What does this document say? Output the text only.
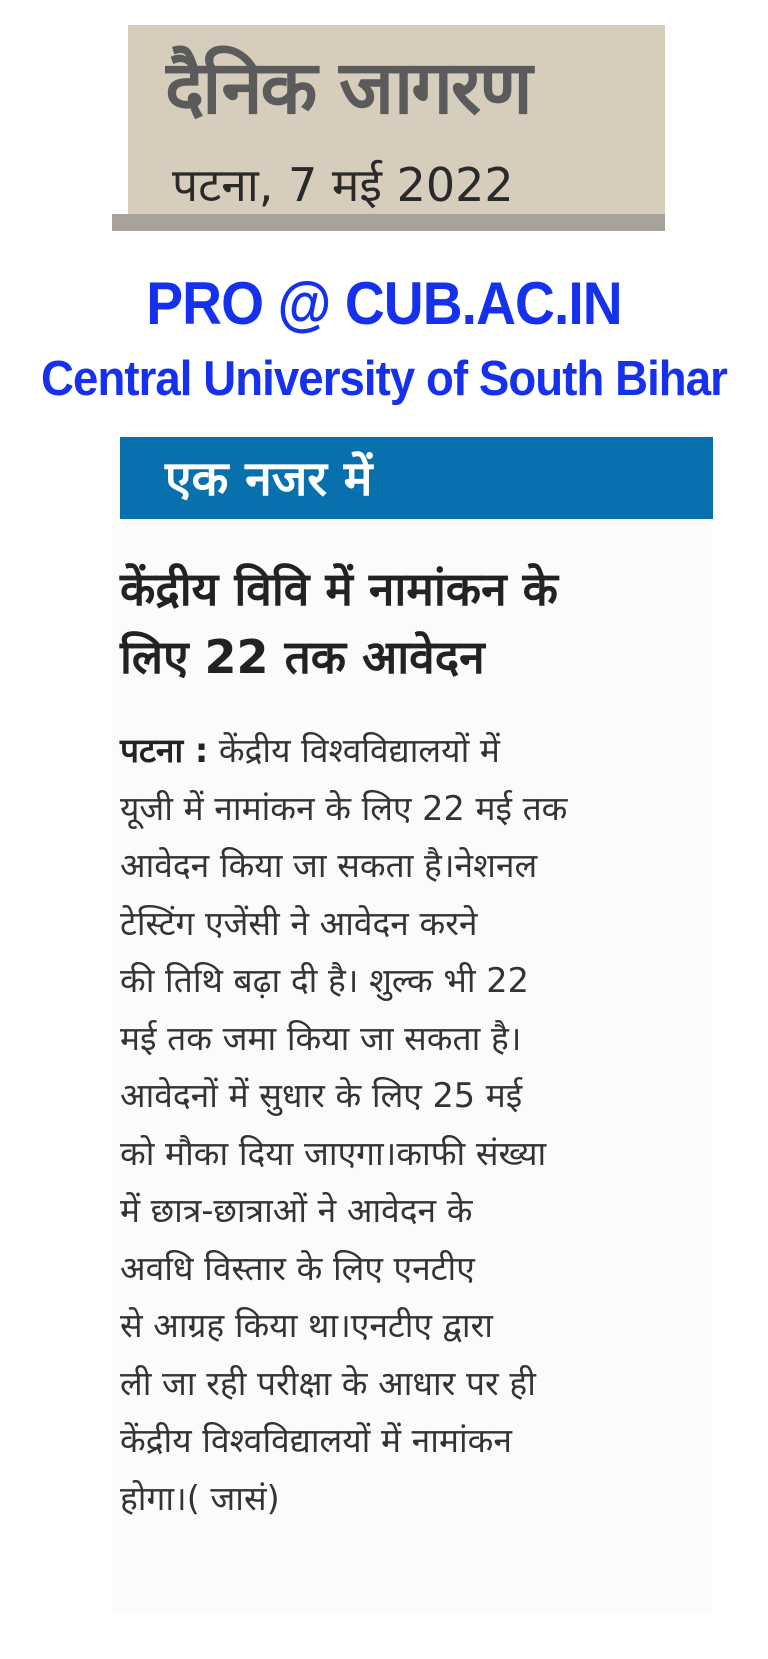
दैनिक जागरण
पटना, 7 मई 2022
PRO @ CUB.AC.IN
Central University of South Bihar
एक नजर में
केंद्रीय विवि में नामांकन के
लिए 22 तक आवेदन
पटना : केंद्रीय विश्वविद्यालयों में
यूजी में नामांकन के लिए 22 मई तक
आवेदन किया जा सकता है।नेशनल
टेस्टिंग एजेंसी ने आवेदन करने
की तिथि बढ़ा दी है। शुल्क भी 22
मई तक जमा किया जा सकता है।
आवेदनों में सुधार के लिए 25 मई
को मौका दिया जाएगा।काफी संख्या
में छात्र-छात्राओं ने आवेदन के
अवधि विस्तार के लिए एनटीए
से आग्रह किया था।एनटीए द्वारा
ली जा रही परीक्षा के आधार पर ही
केंद्रीय विश्वविद्यालयों में नामांकन
होगा।( जासं)
